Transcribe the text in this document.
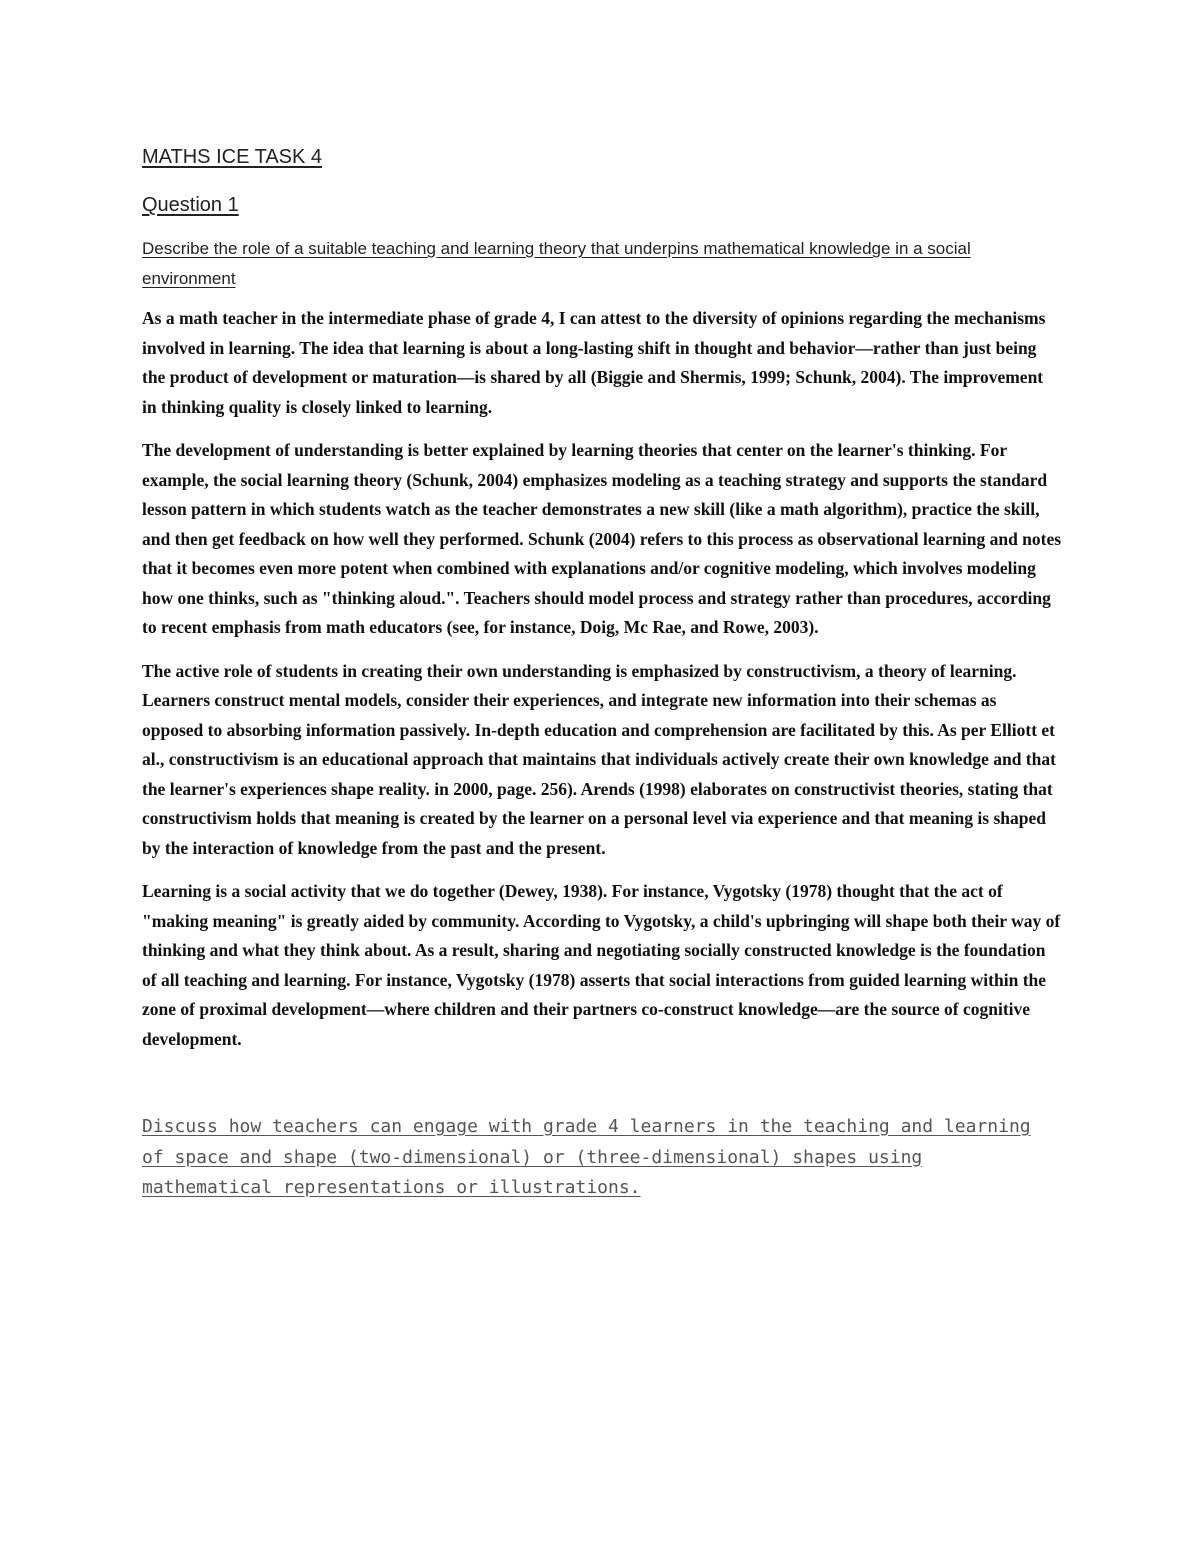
MATHS ICE TASK 4

Question 1

Describe the role of a suitable teaching and learning theory that underpins mathematical knowledge in a social environment

As a math teacher in the intermediate phase of grade 4, I can attest to the diversity of opinions regarding the mechanisms involved in learning. The idea that learning is about a long-lasting shift in thought and behavior—rather than just being the product of development or maturation—is shared by all (Biggie and Shermis, 1999; Schunk, 2004). The improvement in thinking quality is closely linked to learning.

The development of understanding is better explained by learning theories that center on the learner's thinking. For example, the social learning theory (Schunk, 2004) emphasizes modeling as a teaching strategy and supports the standard lesson pattern in which students watch as the teacher demonstrates a new skill (like a math algorithm), practice the skill, and then get feedback on how well they performed. Schunk (2004) refers to this process as observational learning and notes that it becomes even more potent when combined with explanations and/or cognitive modeling, which involves modeling how one thinks, such as "thinking aloud.". Teachers should model process and strategy rather than procedures, according to recent emphasis from math educators (see, for instance, Doig, Mc Rae, and Rowe, 2003).

The active role of students in creating their own understanding is emphasized by constructivism, a theory of learning. Learners construct mental models, consider their experiences, and integrate new information into their schemas as opposed to absorbing information passively. In-depth education and comprehension are facilitated by this. As per Elliott et al., constructivism is an educational approach that maintains that individuals actively create their own knowledge and that the learner's experiences shape reality. in 2000, page. 256). Arends (1998) elaborates on constructivist theories, stating that constructivism holds that meaning is created by the learner on a personal level via experience and that meaning is shaped by the interaction of knowledge from the past and the present.

Learning is a social activity that we do together (Dewey, 1938). For instance, Vygotsky (1978) thought that the act of "making meaning" is greatly aided by community. According to Vygotsky, a child's upbringing will shape both their way of thinking and what they think about. As a result, sharing and negotiating socially constructed knowledge is the foundation of all teaching and learning. For instance, Vygotsky (1978) asserts that social interactions from guided learning within the zone of proximal development—where children and their partners co-construct knowledge—are the source of cognitive development.

Discuss how teachers can engage with grade 4 learners in the teaching and learning of space and shape (two-dimensional) or (three-dimensional) shapes using mathematical representations or illustrations.
